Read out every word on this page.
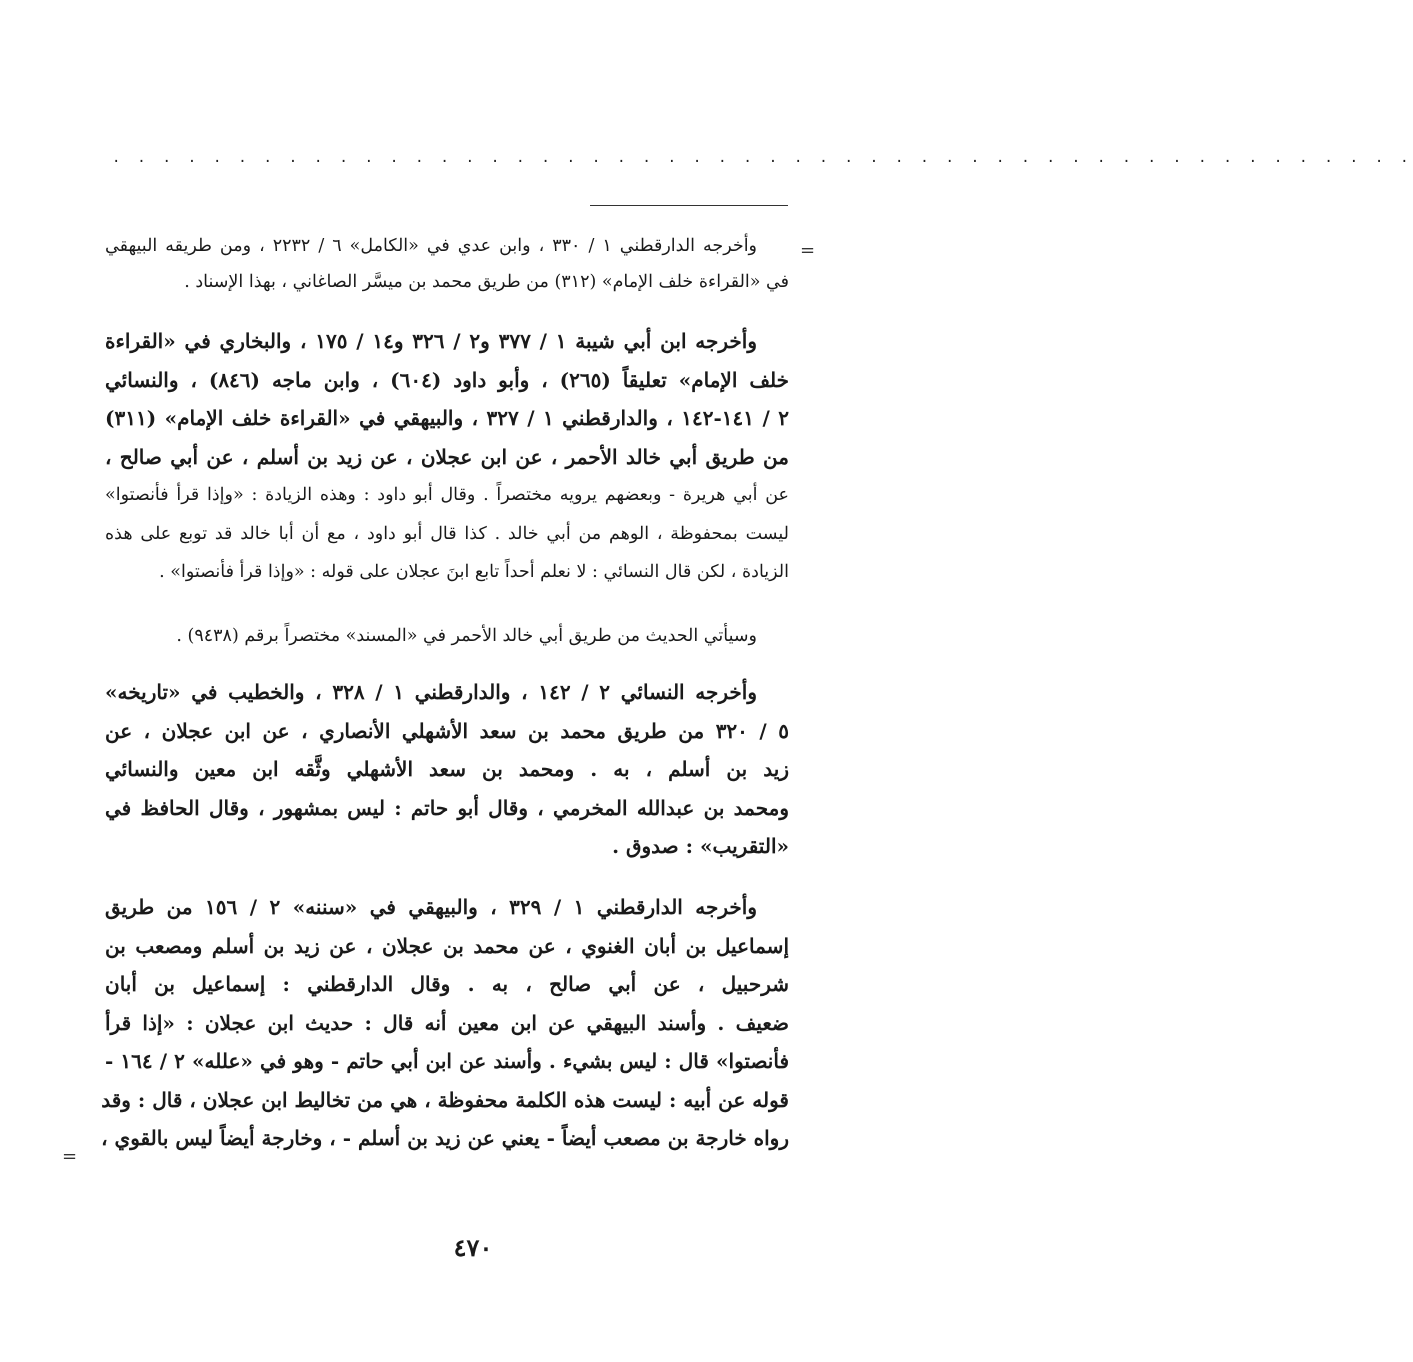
. . . . . . . . . . . . . . . . . . . . . . . . . . . . . . . . . . . . . . . . . . . . . . . . . . . .
=
وأخرجه الدارقطني ١ / ٣٣٠ ، وابن عدي في «الكامل» ٦ / ٢٢٣٢ ، ومن طريقه البيهقي
في «القراءة خلف الإمام» (٣١٢) من طريق محمد بن ميسَّر الصاغاني ، بهذا الإسناد .
وأخرجه ابن أبي شيبة ١ / ٣٧٧ و٢ / ٣٢٦ و١٤ / ١٧٥ ، والبخاري في «القراءة
خلف الإمام» تعليقاً (٢٦٥) ، وأبو داود (٦٠٤) ، وابن ماجه (٨٤٦) ، والنسائي
٢ / ١٤١-١٤٢ ، والدارقطني ١ / ٣٢٧ ، والبيهقي في «القراءة خلف الإمام» (٣١١)
من طريق أبي خالد الأحمر ، عن ابن عجلان ، عن زيد بن أسلم ، عن أبي صالح ،
عن أبي هريرة - وبعضهم يرويه مختصراً . وقال أبو داود : وهذه الزيادة : «وإذا قرأ فأنصتوا»
ليست بمحفوظة ، الوهم من أبي خالد . كذا قال أبو داود ، مع أن أبا خالد قد توبع على هذه
الزيادة ، لكن قال النسائي : لا نعلم أحداً تابع ابنَ عجلان على قوله : «وإذا قرأ فأنصتوا» .
وسيأتي الحديث من طريق أبي خالد الأحمر في «المسند» مختصراً برقم (٩٤٣٨) .
وأخرجه النسائي ٢ / ١٤٢ ، والدارقطني ١ / ٣٢٨ ، والخطيب في «تاريخه»
٥ / ٣٢٠ من طريق محمد بن سعد الأشهلي الأنصاري ، عن ابن عجلان ، عن
زيد بن أسلم ، به . ومحمد بن سعد الأشهلي وثَّقه ابن معين والنسائي
ومحمد بن عبدالله المخرمي ، وقال أبو حاتم : ليس بمشهور ، وقال الحافظ في
«التقريب» : صدوق .
وأخرجه الدارقطني ١ / ٣٢٩ ، والبيهقي في «سننه» ٢ / ١٥٦ من طريق
إسماعيل بن أبان الغنوي ، عن محمد بن عجلان ، عن زيد بن أسلم ومصعب بن
شرحبيل ، عن أبي صالح ، به . وقال الدارقطني : إسماعيل بن أبان
ضعيف . وأسند البيهقي عن ابن معين أنه قال : حديث ابن عجلان : «إذا قرأ
فأنصتوا» قال : ليس بشيء . وأسند عن ابن أبي حاتم - وهو في «علله» ٢ / ١٦٤ -
قوله عن أبيه : ليست هذه الكلمة محفوظة ، هي من تخاليط ابن عجلان ، قال : وقد
رواه خارجة بن مصعب أيضاً - يعني عن زيد بن أسلم - ، وخارجة أيضاً ليس بالقوي ،
=
٤٧٠
